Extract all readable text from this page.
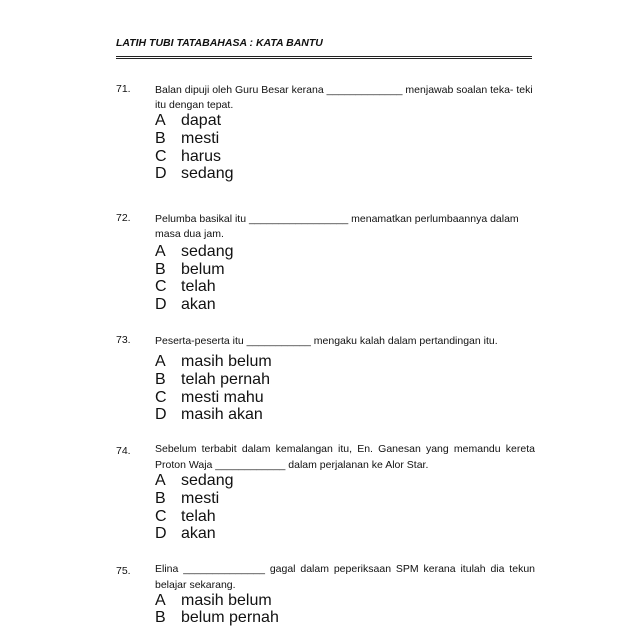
LATIH TUBI TATABAHASA : KATA BANTU
71. Balan dipuji oleh Guru Besar kerana _____________ menjawab soalan teka- teki itu dengan tepat.
A dapat
B mesti
C harus
D sedang
72. Pelumba basikal itu _________________ menamatkan perlumbaannya dalam masa dua jam.
A sedang
B belum
C telah
D akan
73. Peserta-peserta itu ___________ mengaku kalah dalam pertandingan itu.
A masih belum
B telah pernah
C mesti mahu
D masih akan
74. Sebelum terbabit dalam kemalangan itu, En. Ganesan yang memandu kereta Proton Waja ____________ dalam perjalanan ke Alor Star.
A sedang
B mesti
C telah
D akan
75. Elina ______________ gagal dalam peperiksaan SPM kerana itulah dia tekun belajar sekarang.
A masih belum
B belum pernah
